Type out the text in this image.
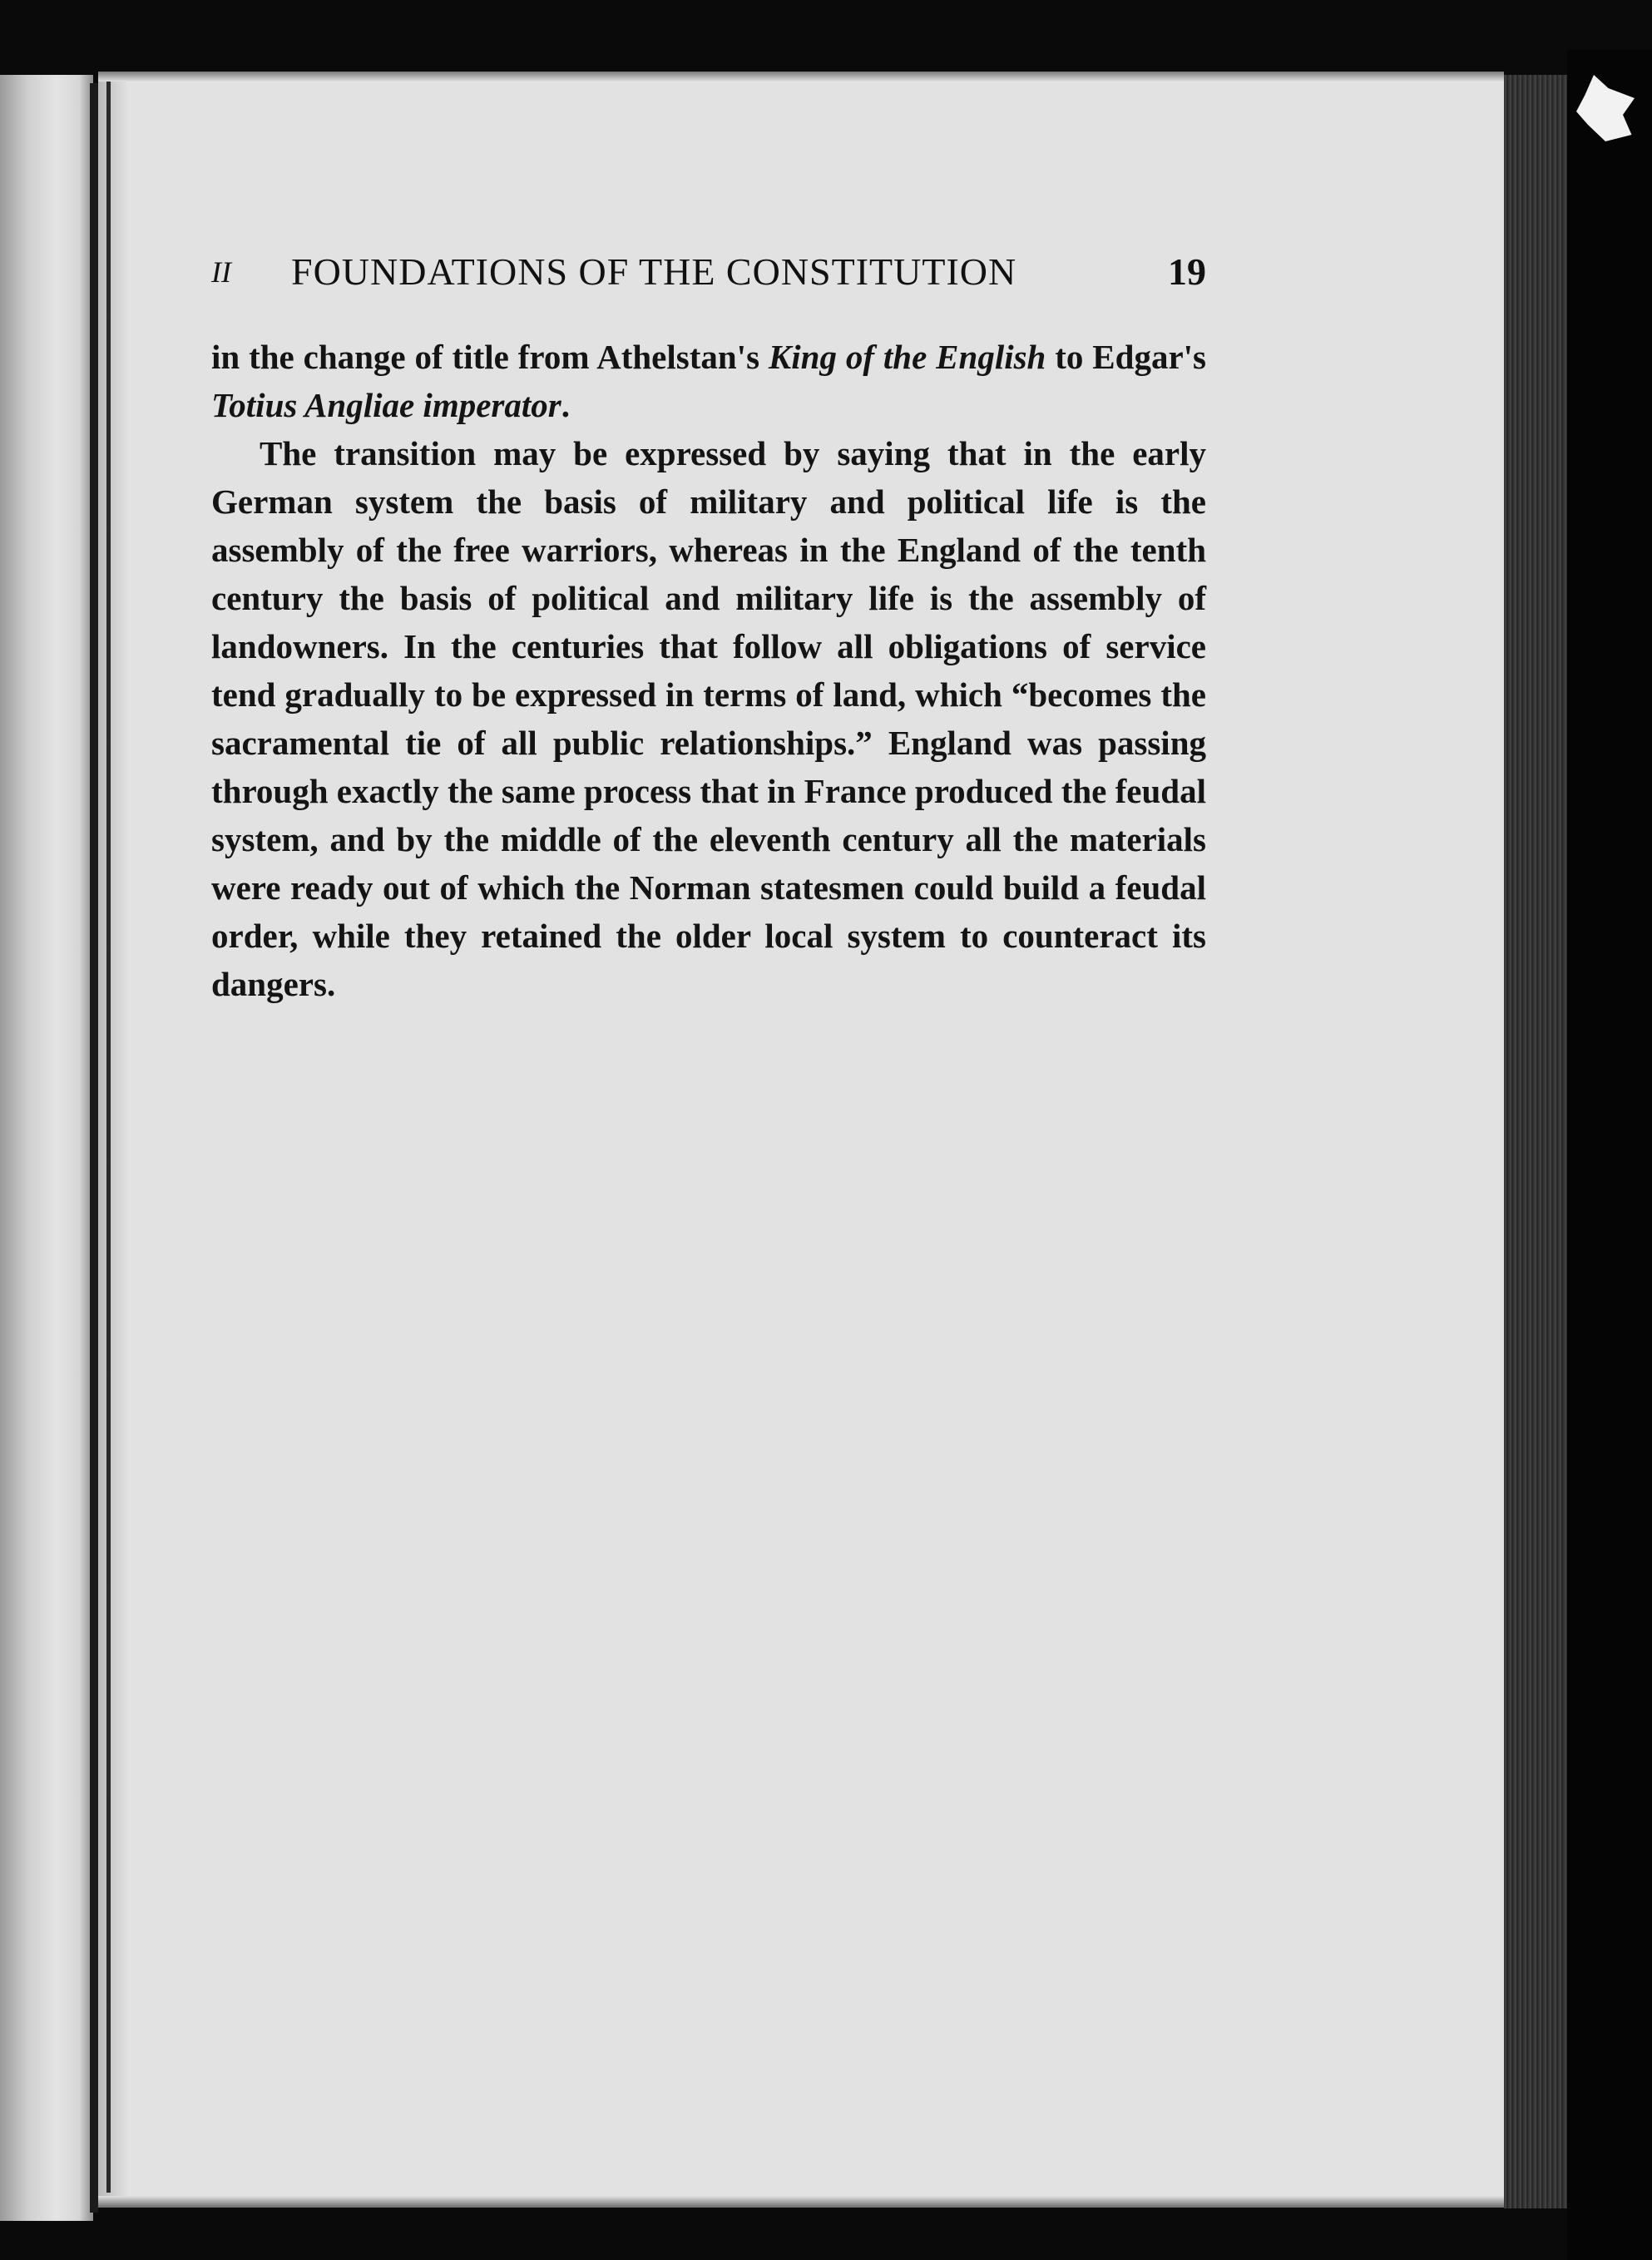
II FOUNDATIONS OF THE CONSTITUTION	19

in the change of title from Athelstan's King of the English to Edgar's Totius Angliae imperator.

The transition may be expressed by saying that in the early German system the basis of military and political life is the assembly of the free warriors, whereas in the England of the tenth century the basis of political and military life is the assembly of landowners. In the centuries that follow all obligations of service tend gradually to be expressed in terms of land, which “becomes the sacramental tie of all public relationships.” England was passing through exactly the same process that in France produced the feudal system, and by the middle of the eleventh century all the materials were ready out of which the Norman statesmen could build a feudal order, while they retained the older local system to counteract its dangers.
